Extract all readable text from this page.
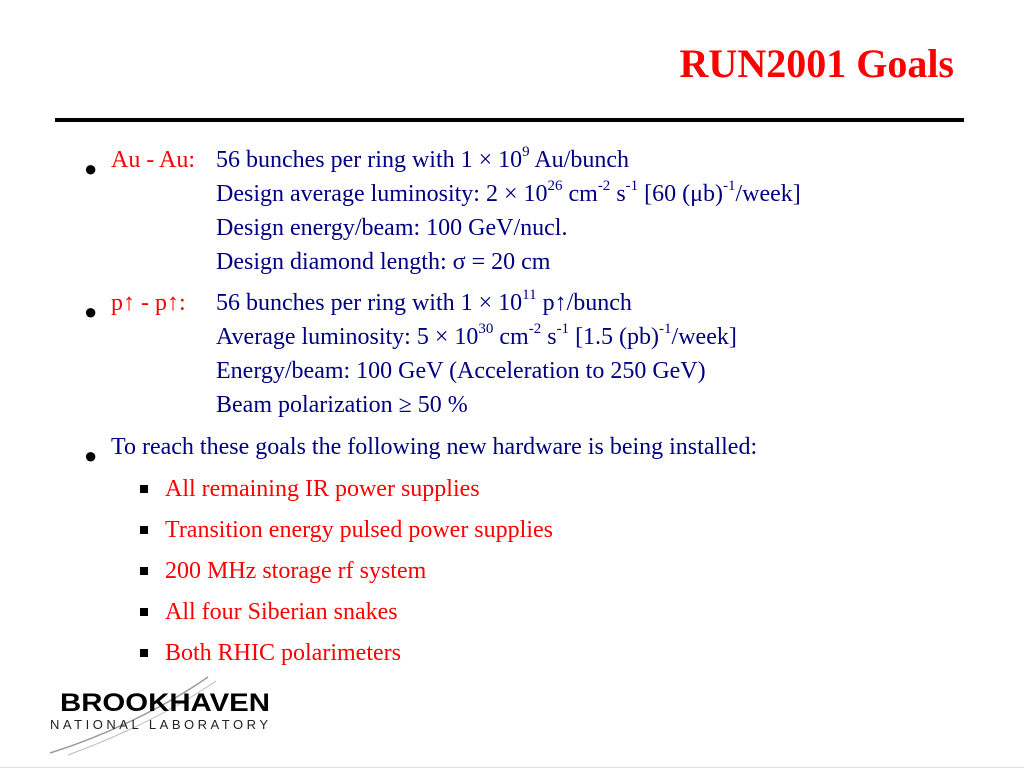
RUN2001 Goals
● Au - Au: 56 bunches per ring with $1 \times 10^9$ Au/bunch
Design average luminosity: $2 \times 10^{26}$ $cm^{-2}$ $s^{-1}$ [60 $(\mu b)^{-1}/week$]
Design energy/beam: 100 GeV/nucl.
Design diamond length: σ = 20 cm
● p↑ - p↑: 56 bunches per ring with $1 \times 10^{11}$ p↑/bunch
Average luminosity: $5 \times 10^{30}$ $cm^{-2}$ $s^{-1}$ [1.5 (pb)$^{-1}$/week]
Energy/beam: 100 GeV (Acceleration to 250 GeV)
Beam polarization ≥ 50 %
● To reach these goals the following new hardware is being installed:
All remaining IR power supplies
Transition energy pulsed power supplies
200 MHz storage rf system
All four Siberian snakes
Both RHIC polarimeters
BROOKHAVEN
NATIONAL LABORATORY
